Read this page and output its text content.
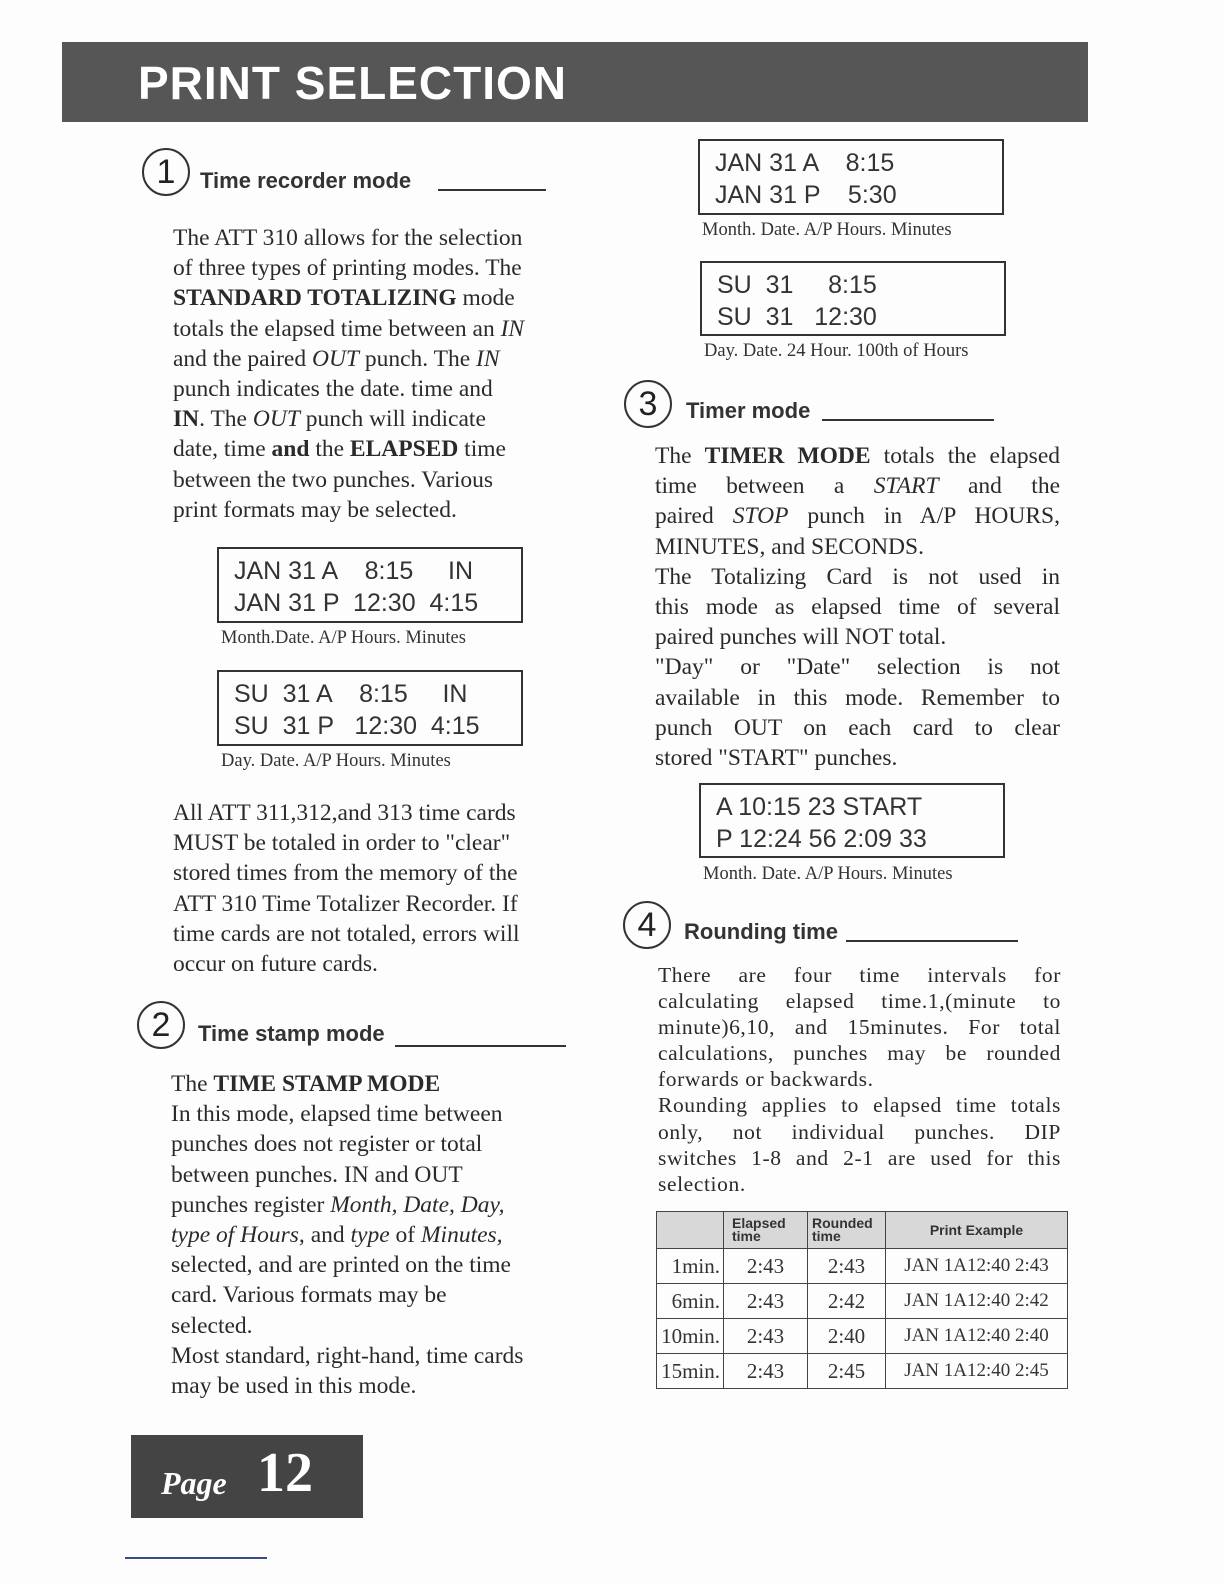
PRINT SELECTION
1	Time recorder mode
The ATT 310 allows for the selection
of three types of printing modes. The
STANDARD TOTALIZING mode
totals the elapsed time between an IN
and the paired OUT punch. The IN
punch indicates the date. time and
IN. The OUT punch will indicate
date, time and the ELAPSED time
between the two punches. Various
print formats may be selected.
JAN 31 A    8:15     IN
JAN 31 P  12:30  4:15
Month.Date. A/P Hours. Minutes
SU  31 A    8:15     IN
SU  31 P   12:30  4:15
Day. Date. A/P Hours. Minutes
All ATT 311,312,and 313 time cards
MUST be totaled in order to "clear"
stored times from the memory of the
ATT 310 Time Totalizer Recorder. If
time cards are not totaled, errors will
occur on future cards.
2	Time stamp mode
The TIME STAMP MODE
In this mode, elapsed time between
punches does not register or total
between punches. IN and OUT
punches register Month, Date, Day,
type of Hours, and type of Minutes,
selected, and are printed on the time
card. Various formats may be
selected.
Most standard, right-hand, time cards
may be used in this mode.
JAN 31 A    8:15
JAN 31 P    5:30
Month. Date. A/P Hours. Minutes
SU  31     8:15
SU  31   12:30
Day. Date. 24 Hour. 100th of Hours
3	Timer mode
The TIMER MODE totals the elapsed
time between a START and the
paired STOP punch in A/P HOURS,
MINUTES, and SECONDS.
The Totalizing Card is not used in
this mode as elapsed time of several
paired punches will NOT total.
"Day" or "Date" selection is not
available in this mode. Remember to
punch OUT on each card to clear
stored "START" punches.
A 10:15 23 START
P 12:24 56 2:09 33
Month. Date. A/P Hours. Minutes
4	Rounding time
There are four time intervals for
calculating elapsed time.1,(minute to
minute)6,10, and 15minutes. For total
calculations, punches may be rounded
forwards or backwards.
Rounding applies to elapsed time totals
only, not individual punches. DIP
switches 1-8 and 2-1 are used for this
selection.
	Elapsed time	Rounded time	Print Example
1min.	2:43	2:43	JAN 1A12:40 2:43
6min.	2:43	2:42	JAN 1A12:40 2:42
10min.	2:43	2:40	JAN 1A12:40 2:40
15min.	2:43	2:45	JAN 1A12:40 2:45
Page 12
